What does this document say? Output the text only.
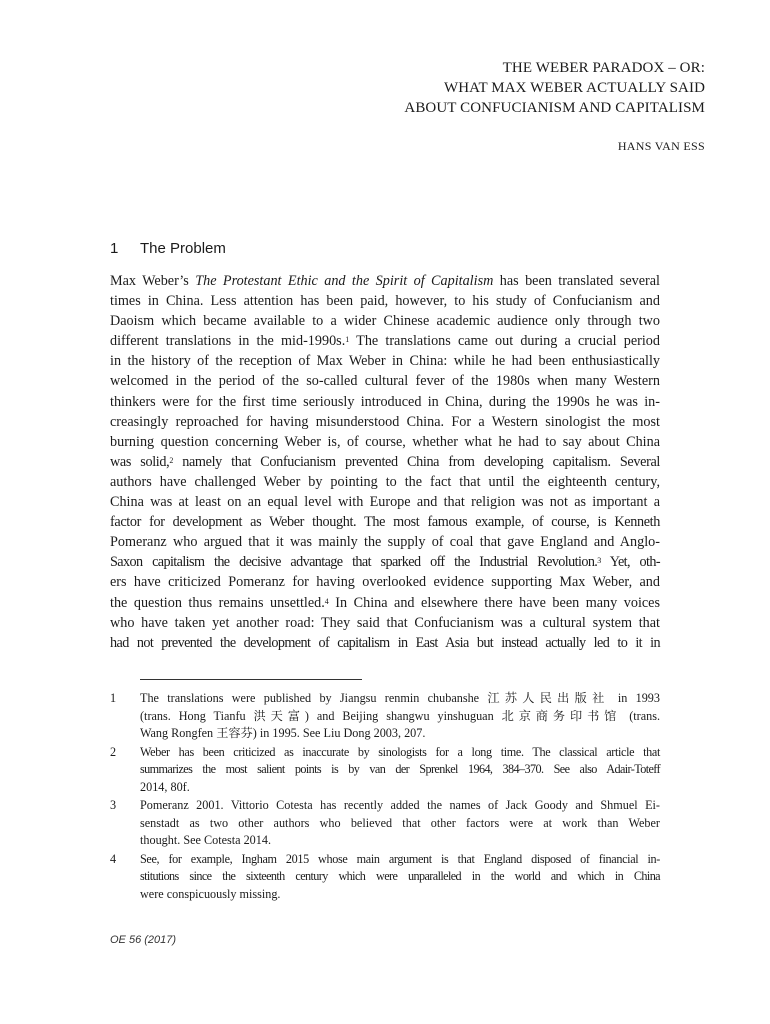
THE WEBER PARADOX – OR:
WHAT MAX WEBER ACTUALLY SAID
ABOUT CONFUCIANISM AND CAPITALISM
HANS VAN ESS
1 The Problem
Max Weber’s The Protestant Ethic and the Spirit of Capitalism has been translated several
times in China. Less attention has been paid, however, to his study of Confucianism and
Daoism which became available to a wider Chinese academic audience only through two
different translations in the mid-1990s.$^1$ The translations came out during a crucial period
in the history of the reception of Max Weber in China: while he had been enthusiastically
welcomed in the period of the so-called cultural fever of the 1980s when many Western
thinkers were for the first time seriously introduced in China, during the 1990s he was in-
creasingly reproached for having misunderstood China. For a Western sinologist the most
burning question concerning Weber is, of course, whether what he had to say about China
was solid,$^2$ namely that Confucianism prevented China from developing capitalism. Several
authors have challenged Weber by pointing to the fact that until the eighteenth century,
China was at least on an equal level with Europe and that religion was not as important a
factor for development as Weber thought. The most famous example, of course, is Kenneth
Pomeranz who argued that it was mainly the supply of coal that gave England and Anglo-
Saxon capitalism the decisive advantage that sparked off the Industrial Revolution.$^3$ Yet, oth-
ers have criticized Pomeranz for having overlooked evidence supporting Max Weber, and
the question thus remains unsettled.$^4$ In China and elsewhere there have been many voices
who have taken yet another road: They said that Confucianism was a cultural system that
had not prevented the development of capitalism in East Asia but instead actually led to it in
1 The translations were published by Jiangsu renmin chubanshe 江苏人民出版社 in 1993
(trans. Hong Tianfu 洪天富) and Beijing shangwu yinshuguan 北京商务印书馆 (trans.
Wang Rongfen 王容芬) in 1995. See Liu Dong 2003, 207.
2 Weber has been criticized as inaccurate by sinologists for a long time. The classical article that
summarizes the most salient points is by van der Sprenkel 1964, 384–370. See also Adair-Toteff
2014, 80f.
3 Pomeranz 2001. Vittorio Cotesta has recently added the names of Jack Goody and Shmuel Ei-
senstadt as two other authors who believed that other factors were at work than Weber
thought. See Cotesta 2014.
4 See, for example, Ingham 2015 whose main argument is that England disposed of financial in-
stitutions since the sixteenth century which were unparalleled in the world and which in China
were conspicuously missing.
OE 56 (2017)
